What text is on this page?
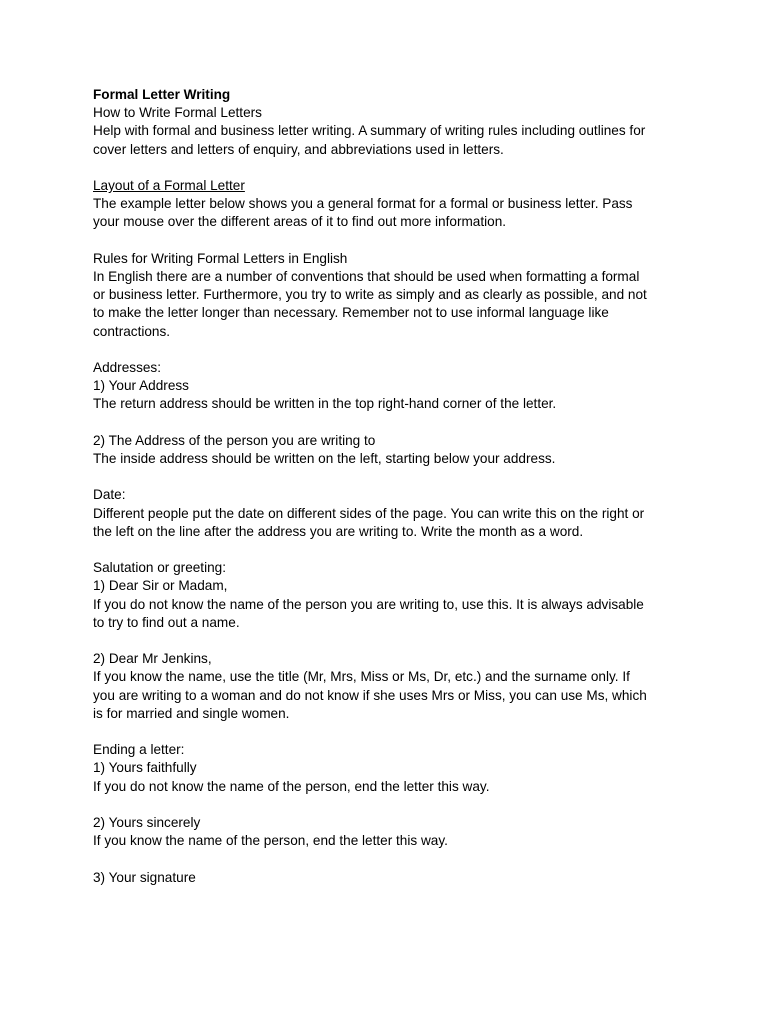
Formal Letter Writing
How to Write Formal Letters
Help with formal and business letter writing. A summary of writing rules including outlines for
cover letters and letters of enquiry, and abbreviations used in letters.
Layout of a Formal Letter
The example letter below shows you a general format for a formal or business letter. Pass
your mouse over the different areas of it to find out more information.
Rules for Writing Formal Letters in English
In English there are a number of conventions that should be used when formatting a formal
or business letter. Furthermore, you try to write as simply and as clearly as possible, and not
to make the letter longer than necessary. Remember not to use informal language like
contractions.
Addresses:
1) Your Address
The return address should be written in the top right-hand corner of the letter.
2) The Address of the person you are writing to
The inside address should be written on the left, starting below your address.
Date:
Different people put the date on different sides of the page. You can write this on the right or
the left on the line after the address you are writing to. Write the month as a word.
Salutation or greeting:
1) Dear Sir or Madam,
If you do not know the name of the person you are writing to, use this. It is always advisable
to try to find out a name.
2) Dear Mr Jenkins,
If you know the name, use the title (Mr, Mrs, Miss or Ms, Dr, etc.) and the surname only. If
you are writing to a woman and do not know if she uses Mrs or Miss, you can use Ms, which
is for married and single women.
Ending a letter:
1) Yours faithfully
If you do not know the name of the person, end the letter this way.
2) Yours sincerely
If you know the name of the person, end the letter this way.
3) Your signature
